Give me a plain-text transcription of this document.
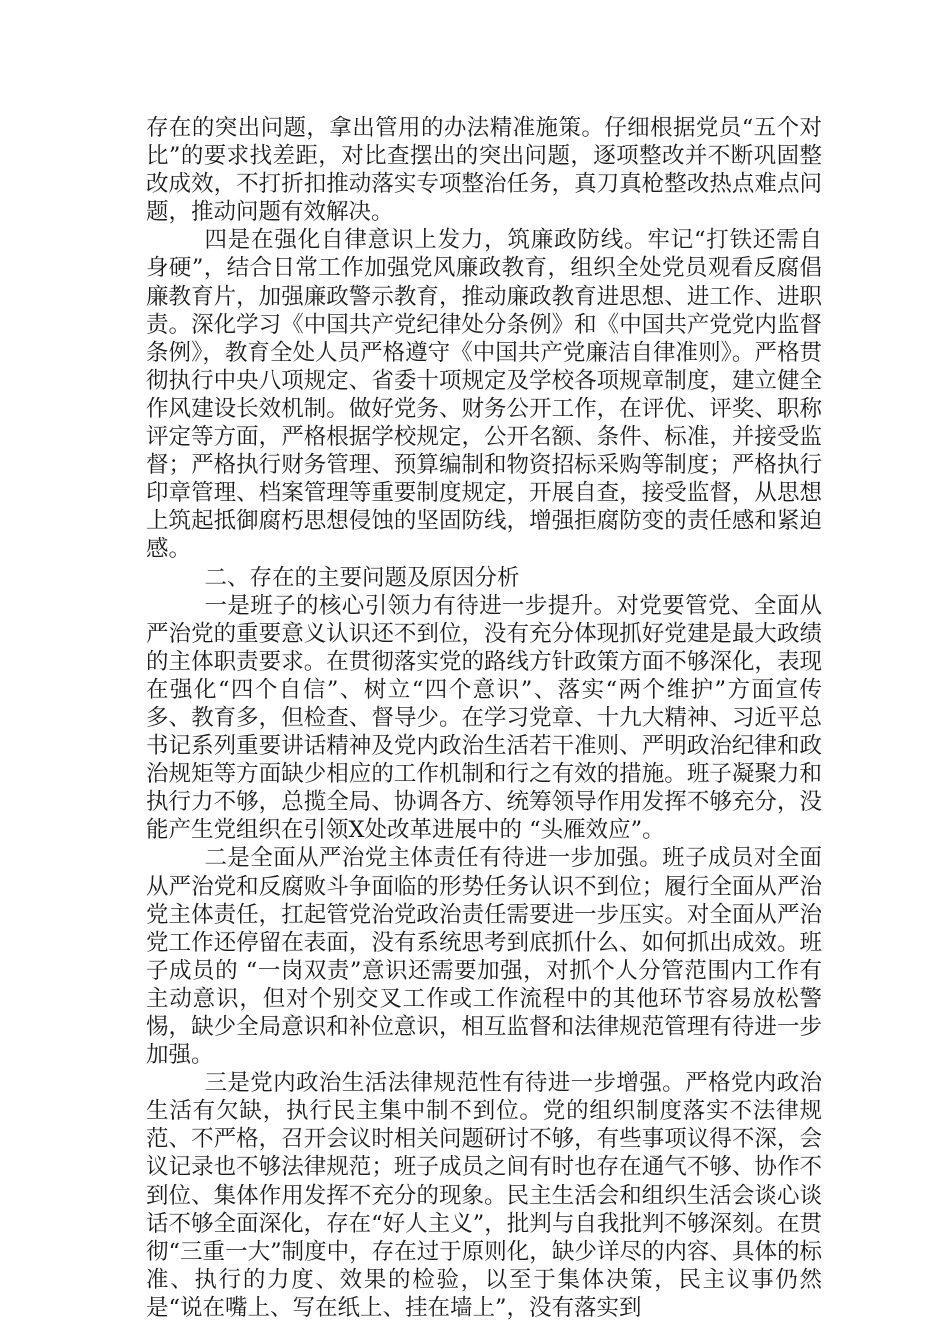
存在的突出问题，拿出管用的办法精准施策。仔细根据党员“五个对比”的要求找差距，对比查摆出的突出问题，逐项整改并不断巩固整改成效，不打折扣推动落实专项整治任务，真刀真枪整改热点难点问题，推动问题有效解决。

四是在强化自律意识上发力，筑廉政防线。牢记“打铁还需自身硬”，结合日常工作加强党风廉政教育，组织全处党员观看反腐倡廉教育片，加强廉政警示教育，推动廉政教育进思想、进工作、进职责。深化学习《中国共产党纪律处分条例》和《中国共产党党内监督条例》，教育全处人员严格遵守《中国共产党廉洁自律准则》。严格贯彻执行中央八项规定、省委十项规定及学校各项规章制度，建立健全作风建设长效机制。做好党务、财务公开工作，在评优、评奖、职称评定等方面，严格根据学校规定，公开名额、条件、标准，并接受监督；严格执行财务管理、预算编制和物资招标采购等制度；严格执行印章管理、档案管理等重要制度规定，开展自查，接受监督，从思想上筑起抵御腐朽思想侵蚀的坚固防线，增强拒腐防变的责任感和紧迫感。

二、存在的主要问题及原因分析

一是班子的核心引领力有待进一步提升。对党要管党、全面从严治党的重要意义认识还不到位，没有充分体现抓好党建是最大政绩的主体职责要求。在贯彻落实党的路线方针政策方面不够深化，表现在强化“四个自信”、树立“四个意识”、落实“两个维护”方面宣传多、教育多，但检查、督导少。在学习党章、十九大精神、习近平总书记系列重要讲话精神及党内政治生活若干准则、严明政治纪律和政治规矩等方面缺少相应的工作机制和行之有效的措施。班子凝聚力和执行力不够，总揽全局、协调各方、统筹领导作用发挥不够充分，没能产生党组织在引领X处改革进展中的 “头雁效应”。

二是全面从严治党主体责任有待进一步加强。班子成员对全面从严治党和反腐败斗争面临的形势任务认识不到位；履行全面从严治党主体责任，扛起管党治党政治责任需要进一步压实。对全面从严治党工作还停留在表面，没有系统思考到底抓什么、如何抓出成效。班子成员的 “一岗双责”意识还需要加强，对抓个人分管范围内工作有主动意识，但对个别交叉工作或工作流程中的其他环节容易放松警惕，缺少全局意识和补位意识，相互监督和法律规范管理有待进一步加强。

三是党内政治生活法律规范性有待进一步增强。严格党内政治生活有欠缺，执行民主集中制不到位。党的组织制度落实不法律规范、不严格，召开会议时相关问题研讨不够，有些事项议得不深，会议记录也不够法律规范；班子成员之间有时也存在通气不够、协作不到位、集体作用发挥不充分的现象。民主生活会和组织生活会谈心谈话不够全面深化，存在“好人主义”，批判与自我批判不够深刻。在贯彻“三重一大”制度中，存在过于原则化，缺少详尽的内容、具体的标准、执行的力度、效果的检验，以至于集体决策，民主议事仍然是“说在嘴上、写在纸上、挂在墙上”，没有落实到
